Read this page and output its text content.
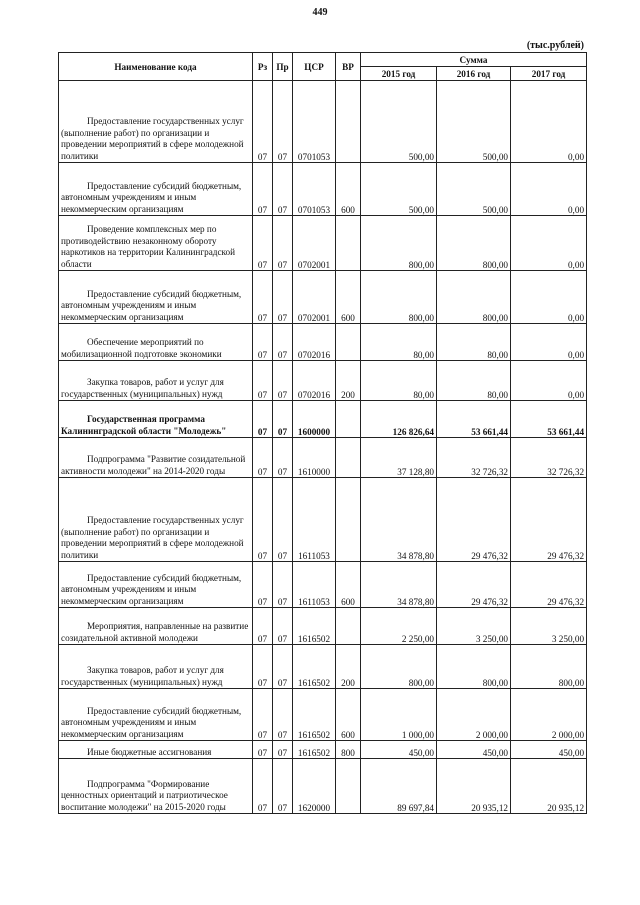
449
(тыс.рублей)
Наименование кода	Рз	Пр	ЦСР	ВР	Сумма		
					2015 год	2016 год	2017 год

Предоставление государственных услуг (выполнение работ) по организации и проведении мероприятий в сфере молодежной политики	07	07	0701053		500,00	500,00	0,00

Предоставление субсидий бюджетным, автономным учреждениям и иным некоммерческим организациям	07	07	0701053	600	500,00	500,00	0,00

Проведение комплексных мер по противодействию незаконному обороту наркотиков на территории Калининградской области	07	07	0702001		800,00	800,00	0,00

Предоставление субсидий бюджетным, автономным учреждениям и иным некоммерческим организациям	07	07	0702001	600	800,00	800,00	0,00

Обеспечение мероприятий по мобилизационной подготовке экономики	07	07	0702016		80,00	80,00	0,00

Закупка товаров, работ и услуг для государственных (муниципальных) нужд	07	07	0702016	200	80,00	80,00	0,00

Государственная программа Калининградской области "Молодежь"	07	07	1600000		126 826,64	53 661,44	53 661,44

Подпрограмма "Развитие созидательной активности молодежи" на 2014-2020 годы	07	07	1610000		37 128,80	32 726,32	32 726,32

Предоставление государственных услуг (выполнение работ) по организации и проведении мероприятий в сфере молодежной политики	07	07	1611053		34 878,80	29 476,32	29 476,32

Предоставление субсидий бюджетным, автономным учреждениям и иным некоммерческим организациям	07	07	1611053	600	34 878,80	29 476,32	29 476,32

Мероприятия, направленные на развитие созидательной активной молодежи	07	07	1616502		2 250,00	3 250,00	3 250,00

Закупка товаров, работ и услуг для государственных (муниципальных) нужд	07	07	1616502	200	800,00	800,00	800,00

Предоставление субсидий бюджетным, автономным учреждениям и иным некоммерческим организациям	07	07	1616502	600	1 000,00	2 000,00	2 000,00

Иные бюджетные ассигнования	07	07	1616502	800	450,00	450,00	450,00

Подпрограмма "Формирование ценностных ориентаций и патриотическое воспитание молодежи" на 2015-2020 годы	07	07	1620000		89 697,84	20 935,12	20 935,12
